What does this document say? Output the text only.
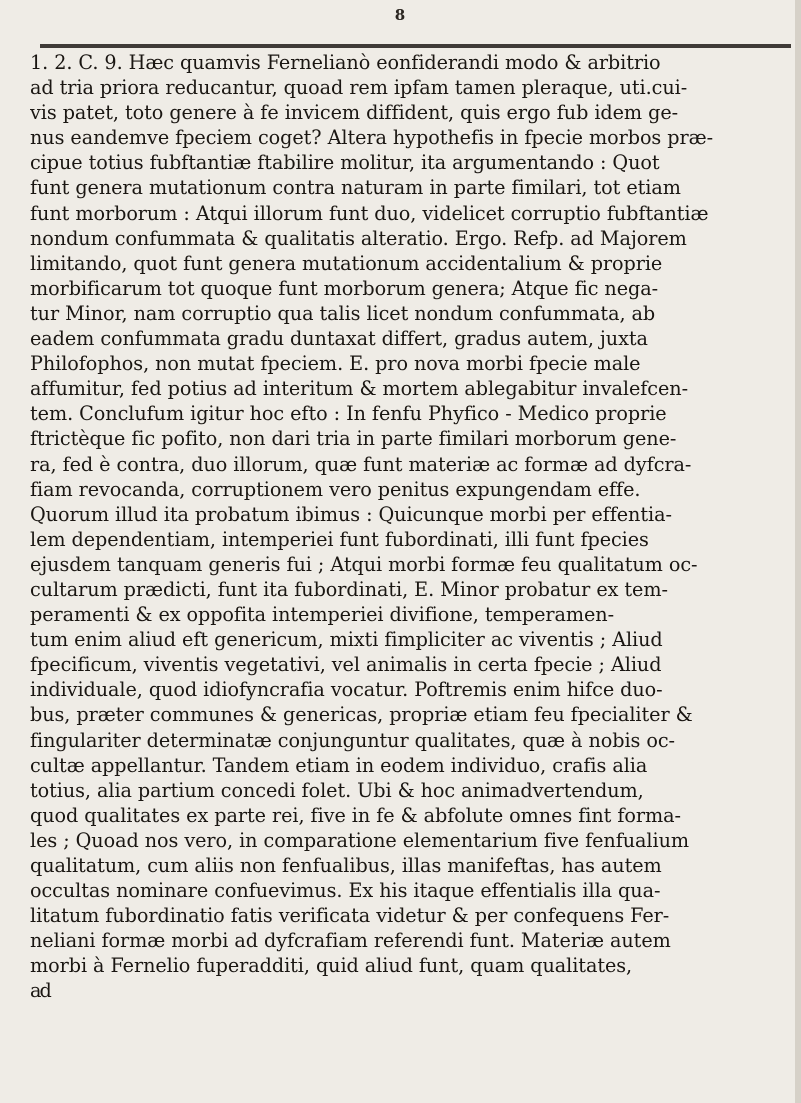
8
1. 2. C. 9. Hæc quamvis Fernelianò eonfiderandi modo & arbitrio
ad tria priora reducantur, quoad rem ipfam tamen pleraque, uti.cui-
vis patet, toto genere à fe invicem diffident, quis ergo fub idem ge-
nus eandemve fpeciem coget? Altera hypothefis in fpecie morbos præ-
cipue totius fubftantiæ ftabilire molitur, ita argumentando : Quot
funt genera mutationum contra naturam in parte fimilari, tot etiam
funt morborum : Atqui illorum funt duo, videlicet corruptio fubftantiæ
nondum confummata & qualitatis alteratio. Ergo. Refp. ad Majorem
limitando, quot funt genera mutationum accidentalium & proprie
morbificarum tot quoque funt morborum genera; Atque fic nega-
tur Minor, nam corruptio qua talis licet nondum confummata, ab
eadem confummata gradu duntaxat differt, gradus autem, juxta
Philofophos, non mutat fpeciem. E. pro nova morbi fpecie male
affumitur, fed potius ad interitum & mortem ablegabitur invalefcen-
tem. Conclufum igitur hoc efto : In fenfu Phyfico - Medico proprie
ftrictèque fic pofito, non dari tria in parte fimilari morborum gene-
ra, fed è contra, duo illorum, quæ funt materiæ ac formæ ad dyfcra-
fiam revocanda, corruptionem vero penitus expungendam effe.
Quorum illud ita probatum ibimus : Quicunque morbi per effentia-
lem dependentiam, intemperiei funt fubordinati, illi funt fpecies
ejusdem tanquam generis fui ; Atqui morbi formæ feu qualitatum oc-
cultarum prædicti, funt ita fubordinati, E. Minor probatur ex tem-
peramenti & ex oppofita intemperiei divifione, temperamen-
tum enim aliud eft genericum, mixti fimpliciter ac viventis ; Aliud
fpecificum, viventis vegetativi, vel animalis in certa fpecie ; Aliud
individuale, quod idiofyncrafia vocatur. Poftremis enim hifce duo-
bus, præter communes & genericas, propriæ etiam feu fpecialiter &
fingulariter determinatæ conjunguntur qualitates, quæ à nobis oc-
cultæ appellantur. Tandem etiam in eodem individuo, crafis alia
totius, alia partium concedi folet. Ubi & hoc animadvertendum,
quod qualitates ex parte rei, five in fe & abfolute omnes fint forma-
les ; Quoad nos vero, in comparatione elementarium five fenfualium
qualitatum, cum aliis non fenfualibus, illas manifeftas, has autem
occultas nominare confuevimus. Ex his itaque effentialis illa qua-
litatum fubordinatio fatis verificata videtur & per confequens Fer-
neliani formæ morbi ad dyfcrafiam referendi funt. Materiæ autem
morbi à Fernelio fuperadditi, quid aliud funt, quam qualitates,
ad
